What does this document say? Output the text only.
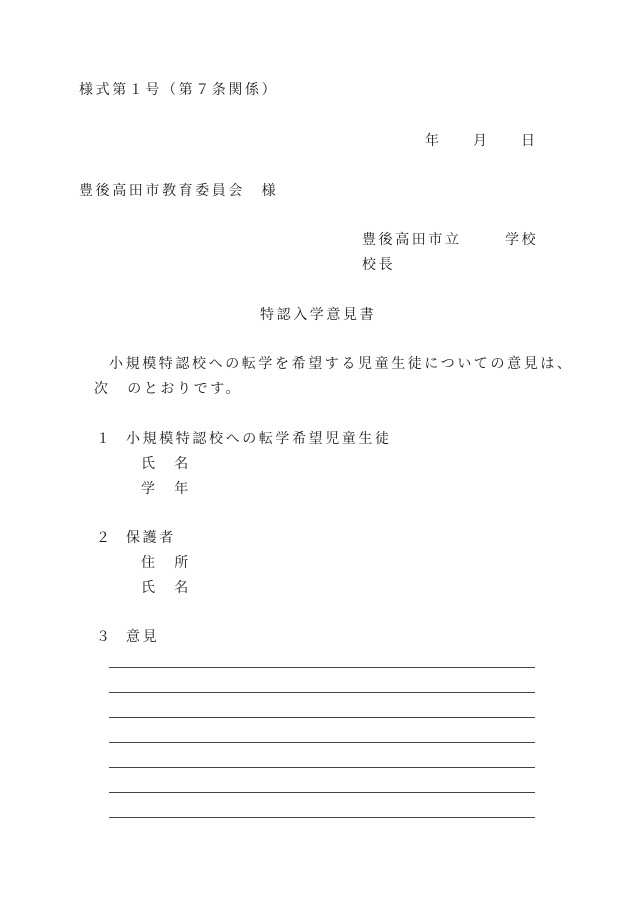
様式第１号（第７条関係）
年 月 日
豊後高田市教育委員会　様
豊後高田市立	学校
校長
特認入学意見書
小規模特認校への転学を希望する児童生徒についての意見は、
次　のとおりです。
１ 小規模特認校への転学希望児童生徒
氏　名
学　年
２ 保護者
住　所
氏　名
３ 意見
